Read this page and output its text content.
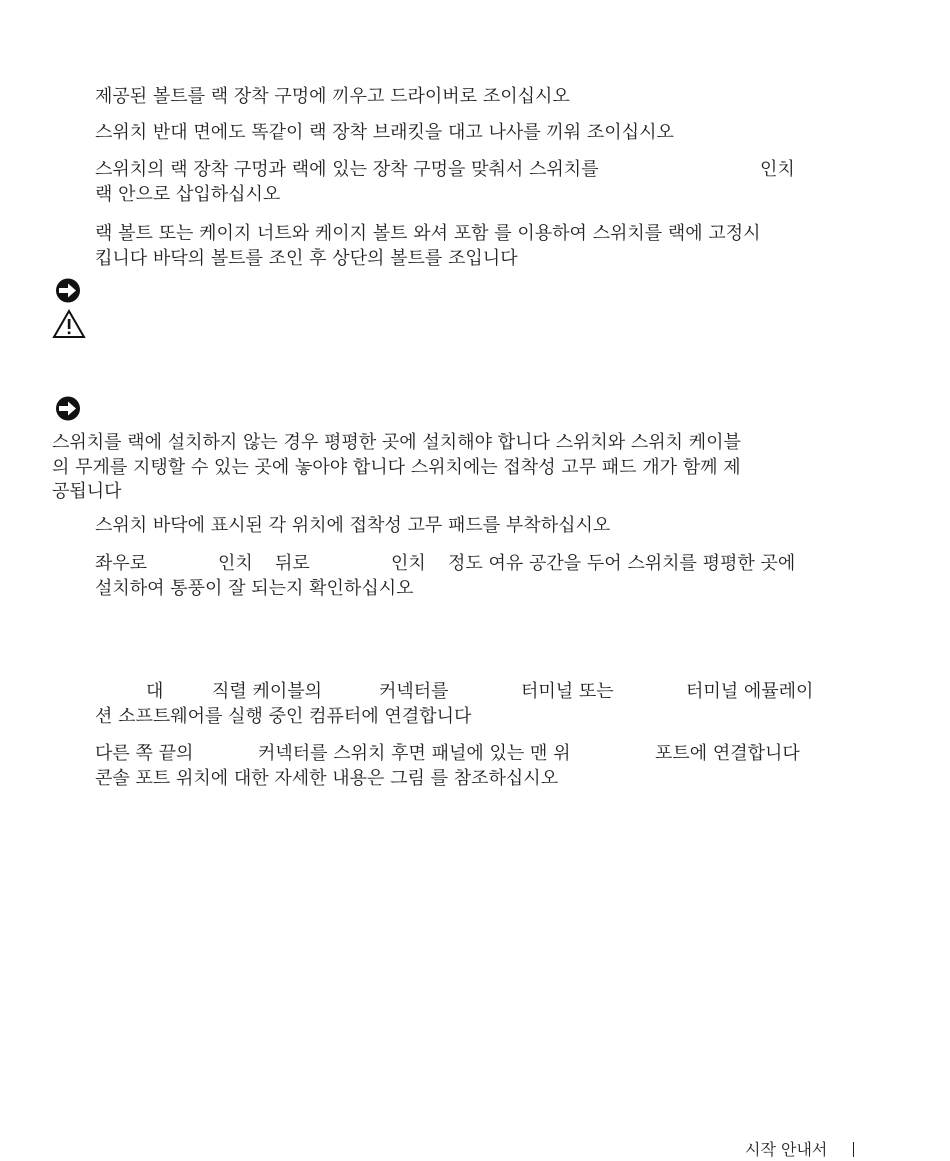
제공된 볼트를 랙 장착 구멍에 끼우고 드라이버로 조이십시오
스위치 반대 면에도 똑같이 랙 장착 브래킷을 대고 나사를 끼워 조이십시오
스위치의 랙 장착 구멍과 랙에 있는 장착 구멍을 맞춰서 스위치를	인치
랙 안으로 삽입하십시오
랙 볼트 또는 케이지 너트와 케이지 볼트 와셔 포함 를 이용하여 스위치를 랙에 고정시
킵니다 바닥의 볼트를 조인 후 상단의 볼트를 조입니다
스위치를 랙에 설치하지 않는 경우 평평한 곳에 설치해야 합니다 스위치와 스위치 케이블
의 무게를 지탱할 수 있는 곳에 놓아야 합니다 스위치에는 접착성 고무 패드 개가 함께 제
공됩니다
스위치 바닥에 표시된 각 위치에 접착성 고무 패드를 부착하십시오
좌우로	인치 뒤로	인치 정도 여유 공간을 두어 스위치를 평평한 곳에
설치하여 통풍이 잘 되는지 확인하십시오
대	직렬 케이블의	커넥터를	터미널 또는	터미널 에뮬레이
션 소프트웨어를 실행 중인 컴퓨터에 연결합니다
다른 쪽 끝의	커넥터를 스위치 후면 패널에 있는 맨 위	포트에 연결합니다
콘솔 포트 위치에 대한 자세한 내용은 그림 를 참조하십시오
시작 안내서
